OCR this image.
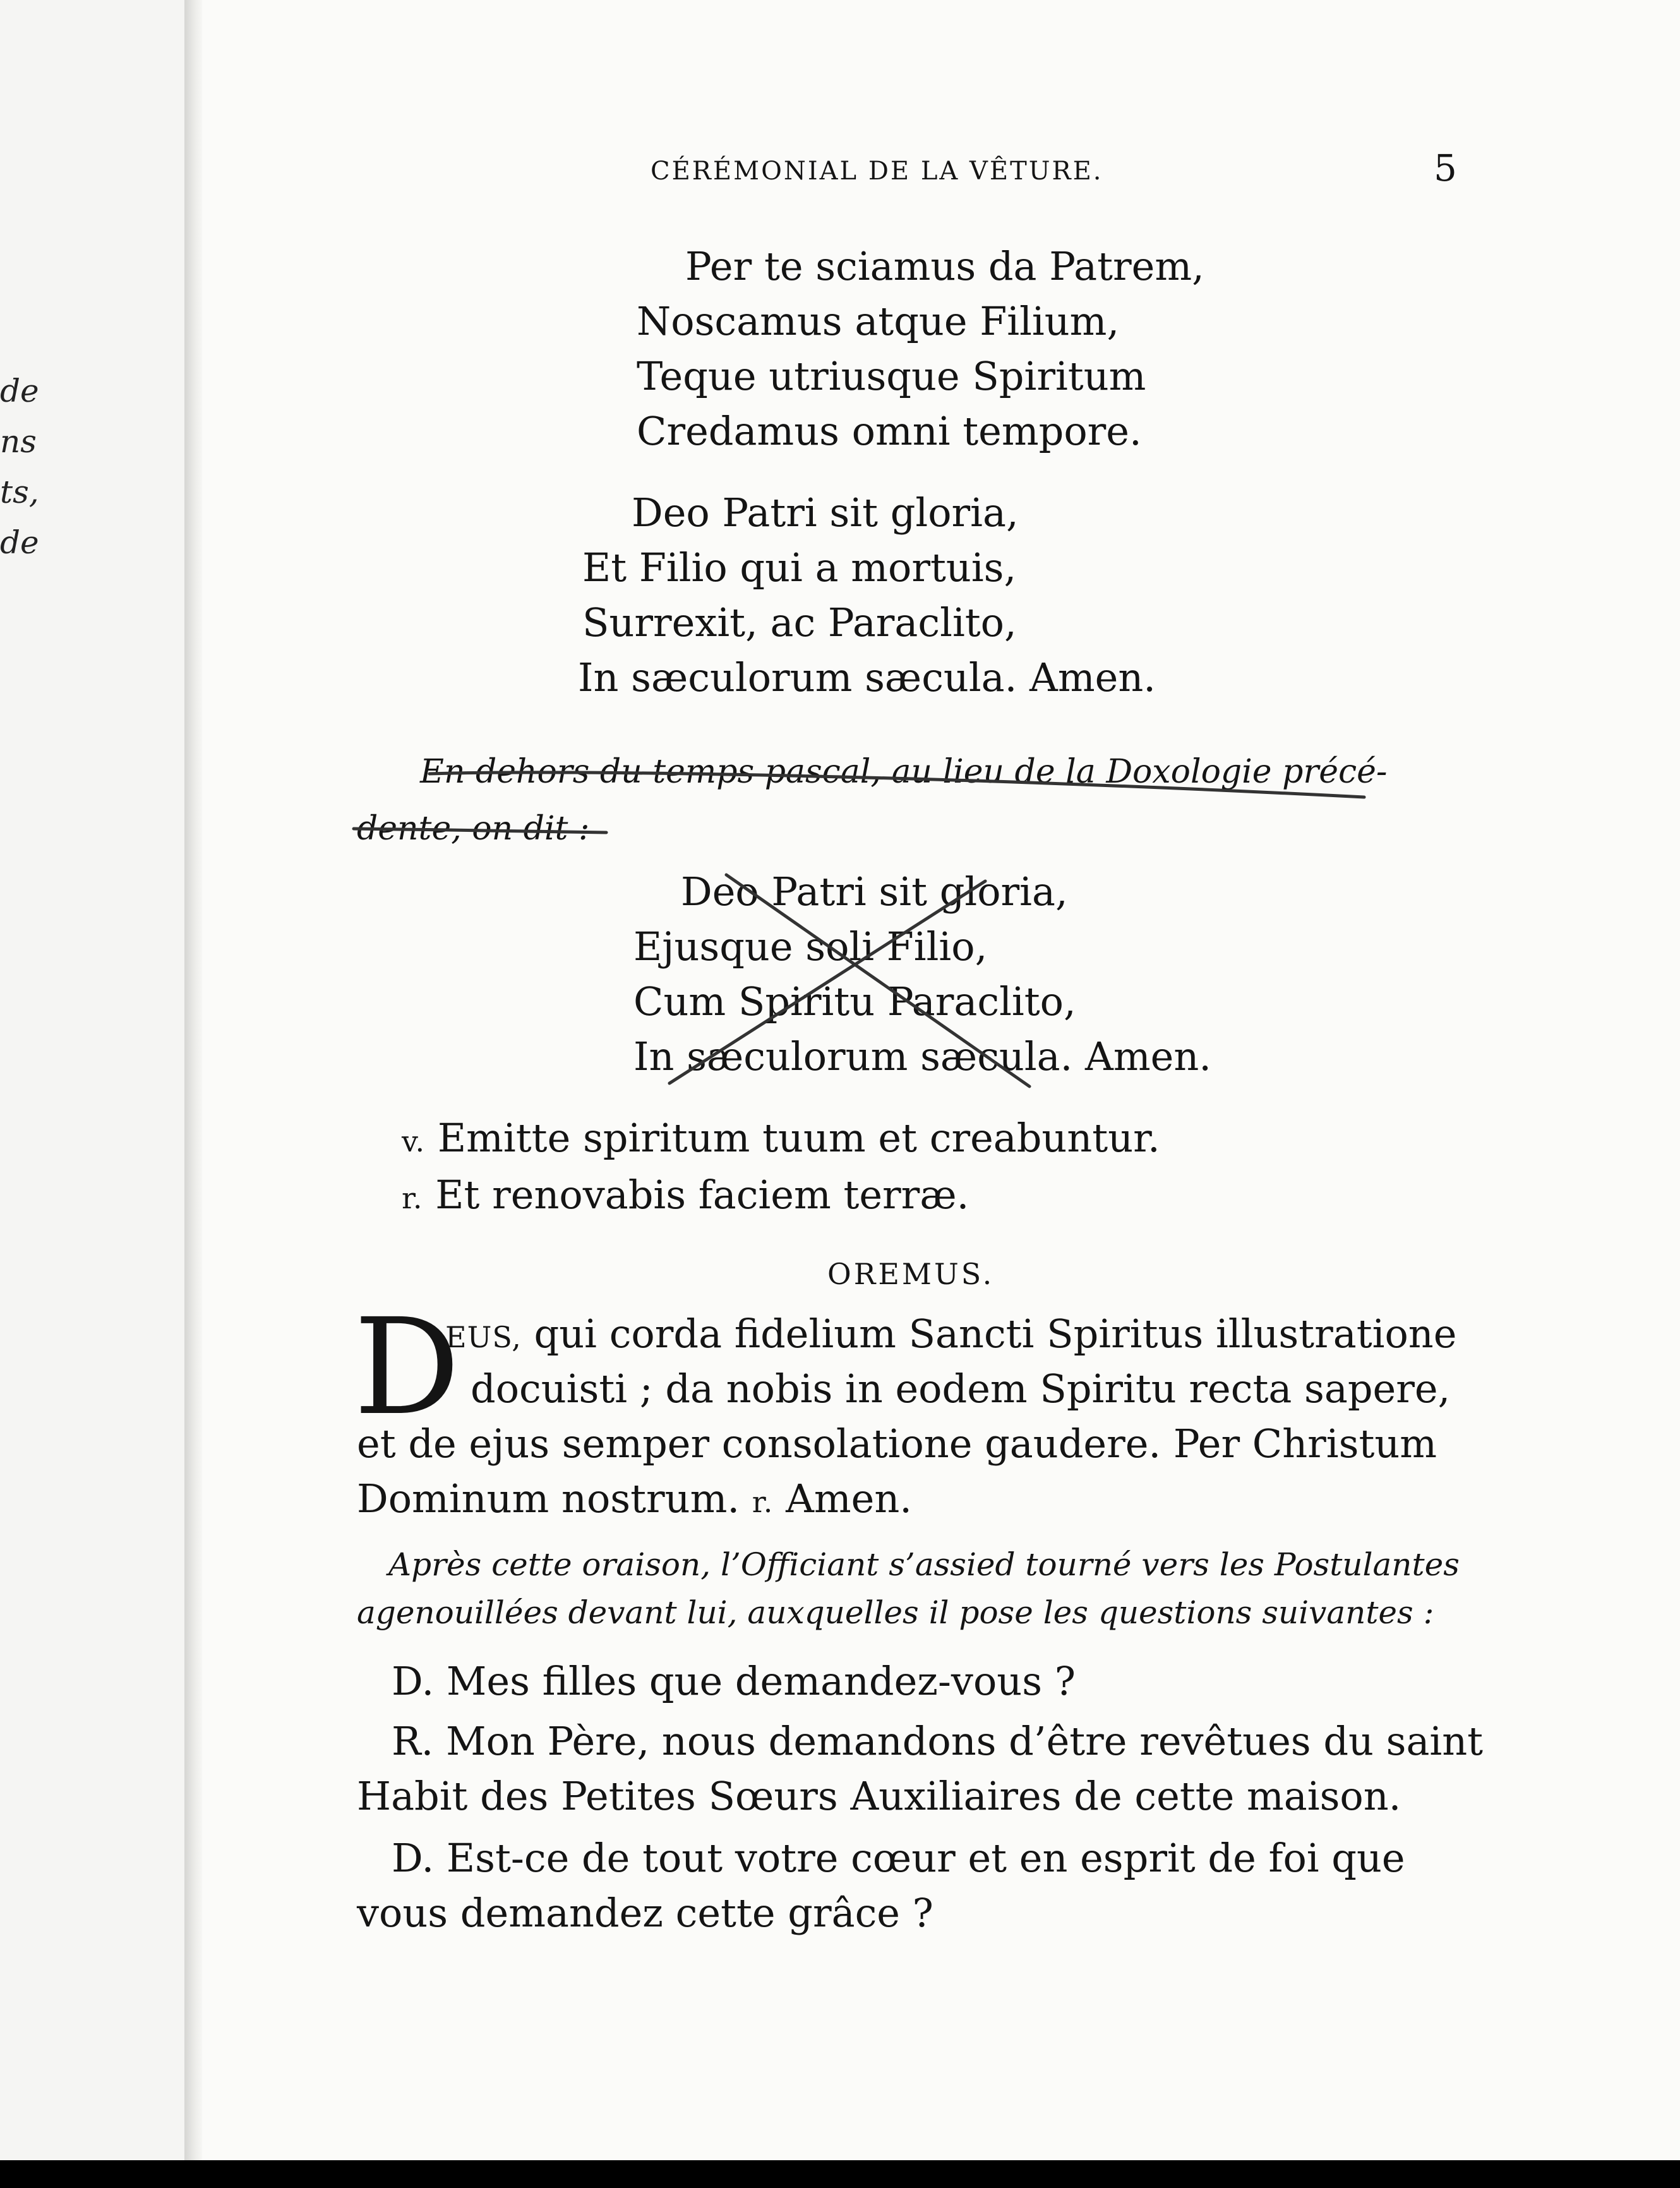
de
ns
ts,
de
CÉRÉMONIAL DE LA VÊTURE.	5
Per te sciamus da Patrem,
Noscamus atque Filium,
Teque utriusque Spiritum
Credamus omni tempore.
Deo Patri sit gloria,
Et Filio qui a mortuis,
Surrexit, ac Paraclito,
In sæculorum sæcula. Amen.
En dehors du temps pascal, au lieu de la Doxologie précé-
dente, on dit :
Deo Patri sit gloria,
Ejusque soli Filio,
Cum Spiritu Paraclito,
In sæculorum sæcula. Amen.
v. Emitte spiritum tuum et creabuntur.
r. Et renovabis faciem terræ.
OREMUS.
D
EUS, qui corda fidelium Sancti Spiritus illustratione
docuisti ; da nobis in eodem Spiritu recta sapere,
et de ejus semper consolatione gaudere. Per Christum
Dominum nostrum. r. Amen.
Après cette oraison, l’Officiant s’assied tourné vers les Postulantes
agenouillées devant lui, auxquelles il pose les questions suivantes :
D. Mes filles que demandez-vous ?
R. Mon Père, nous demandons d’être revêtues du saint
Habit des Petites Sœurs Auxiliaires de cette maison.
D. Est-ce de tout votre cœur et en esprit de foi que
vous demandez cette grâce ?
